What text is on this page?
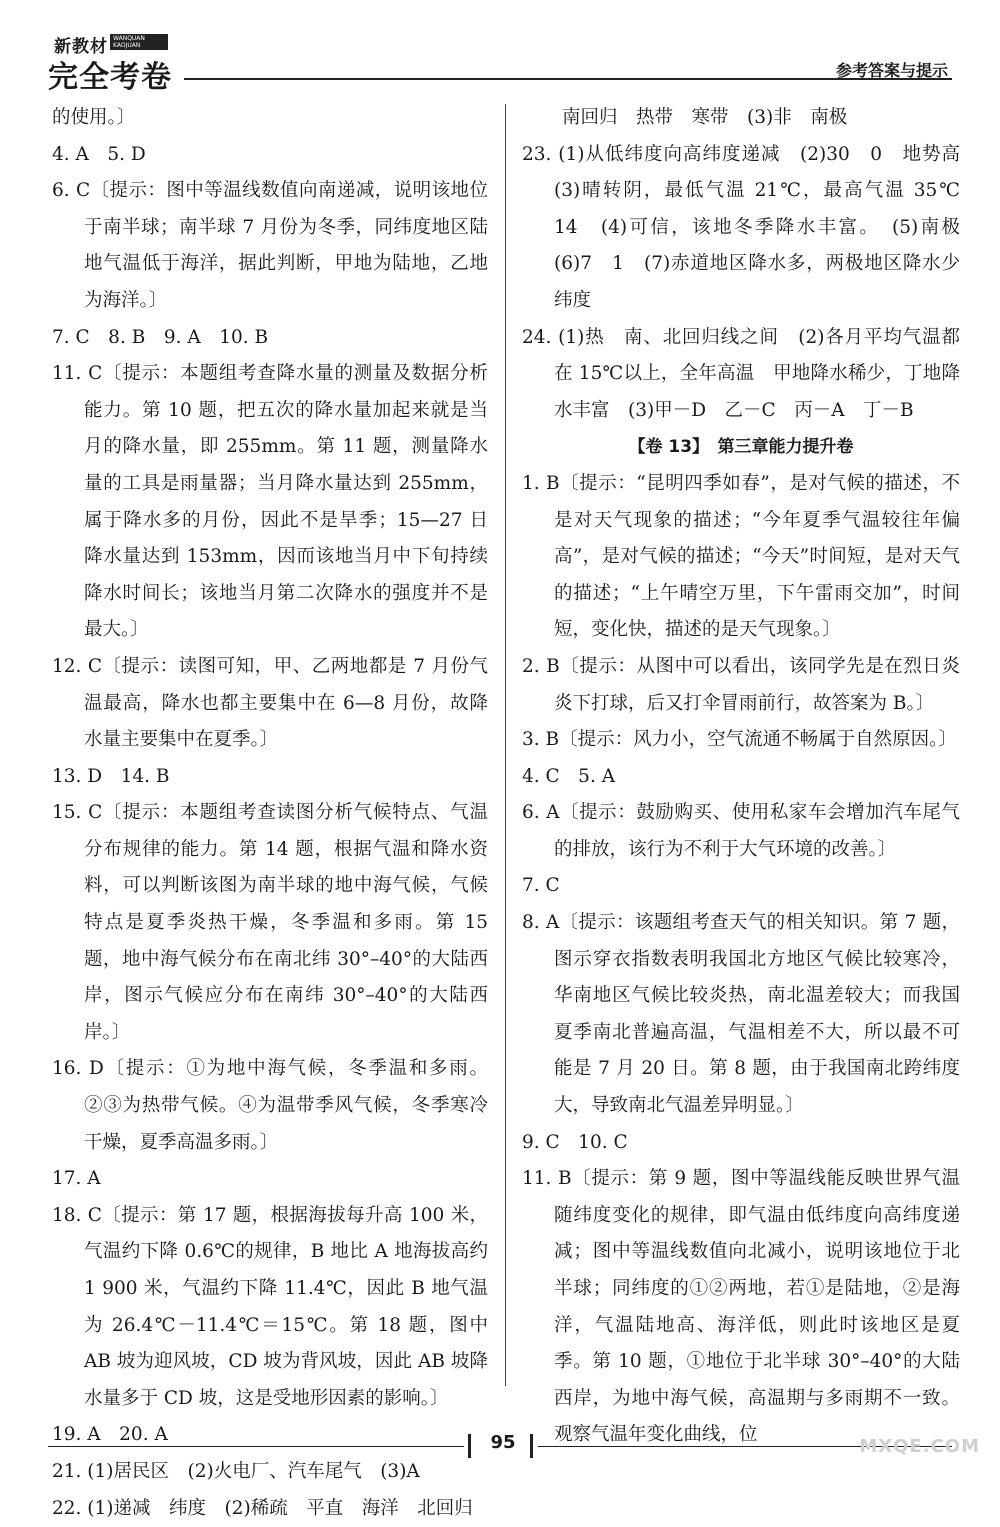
新教材 WANQUAN KAOJUAN
完全考卷	参考答案与提示

的使用。〕

4. A　5. D

6. C〔提示：图中等温线数值向南递减，说明该地位于南半球；南半球 7 月份为冬季，同纬度地区陆地气温低于海洋，据此判断，甲地为陆地，乙地为海洋。〕

7. C　8. B　9. A　10. B

11. C〔提示：本题组考查降水量的测量及数据分析能力。第 10 题，把五次的降水量加起来就是当月的降水量，即 255mm。第 11 题，测量降水量的工具是雨量器；当月降水量达到 255mm，属于降水多的月份，因此不是旱季；15—27 日降水量达到 153mm，因而该地当月中下旬持续降水时间长；该地当月第二次降水的强度并不是最大。〕

12. C〔提示：读图可知，甲、乙两地都是 7 月份气温最高，降水也都主要集中在 6—8 月份，故降水量主要集中在夏季。〕

13. D　14. B

15. C〔提示：本题组考查读图分析气候特点、气温分布规律的能力。第 14 题，根据气温和降水资料，可以判断该图为南半球的地中海气候，气候特点是夏季炎热干燥，冬季温和多雨。第 15 题，地中海气候分布在南北纬 30°–40°的大陆西岸，图示气候应分布在南纬 30°–40°的大陆西岸。〕

16. D〔提示：①为地中海气候，冬季温和多雨。②③为热带气候。④为温带季风气候，冬季寒冷干燥，夏季高温多雨。〕

17. A

18. C〔提示：第 17 题，根据海拔每升高 100 米，气温约下降 0.6℃的规律，B 地比 A 地海拔高约 1 900 米，气温约下降 11.4℃，因此 B 地气温为 26.4℃－11.4℃＝15℃。第 18 题，图中 AB 坡为迎风坡，CD 坡为背风坡，因此 AB 坡降水量多于 CD 坡，这是受地形因素的影响。〕

19. A　20. A

21. (1)居民区　(2)火电厂、汽车尾气　(3)A

22. (1)递减　纬度　(2)稀疏　平直　海洋　北回归

南回归　热带　寒带　(3)非　南极

23. (1)从低纬度向高纬度递减　(2)30　0　地势高　(3)晴转阴，最低气温 21℃，最高气温 35℃　14　(4)可信，该地冬季降水丰富。　(5)南极　(6)7　1　(7)赤道地区降水多，两极地区降水少　纬度

24. (1)热　南、北回归线之间　(2)各月平均气温都在 15℃以上，全年高温　甲地降水稀少，丁地降水丰富　(3)甲－D　乙－C　丙－A　丁－B

【卷 13】　第三章能力提升卷

1. B〔提示：“昆明四季如春”，是对气候的描述，不是对天气现象的描述；“今年夏季气温较往年偏高”，是对气候的描述；“今天”时间短，是对天气的描述；“上午晴空万里，下午雷雨交加”，时间短，变化快，描述的是天气现象。〕

2. B〔提示：从图中可以看出，该同学先是在烈日炎炎下打球，后又打伞冒雨前行，故答案为 B。〕

3. B〔提示：风力小，空气流通不畅属于自然原因。〕

4. C　5. A

6. A〔提示：鼓励购买、使用私家车会增加汽车尾气的排放，该行为不利于大气环境的改善。〕

7. C

8. A〔提示：该题组考查天气的相关知识。第 7 题，图示穿衣指数表明我国北方地区气候比较寒冷，华南地区气候比较炎热，南北温差较大；而我国夏季南北普遍高温，气温相差不大，所以最不可能是 7 月 20 日。第 8 题，由于我国南北跨纬度大，导致南北气温差异明显。〕

9. C　10. C

11. B〔提示：第 9 题，图中等温线能反映世界气温随纬度变化的规律，即气温由低纬度向高纬度递减；图中等温线数值向北减小，说明该地位于北半球；同纬度的①②两地，若①是陆地，②是海洋，气温陆地高、海洋低，则此时该地区是夏季。第 10 题，①地位于北半球 30°–40°的大陆西岸，为地中海气候，高温期与多雨期不一致。观察气温年变化曲线，位

95	MXQE.COM
